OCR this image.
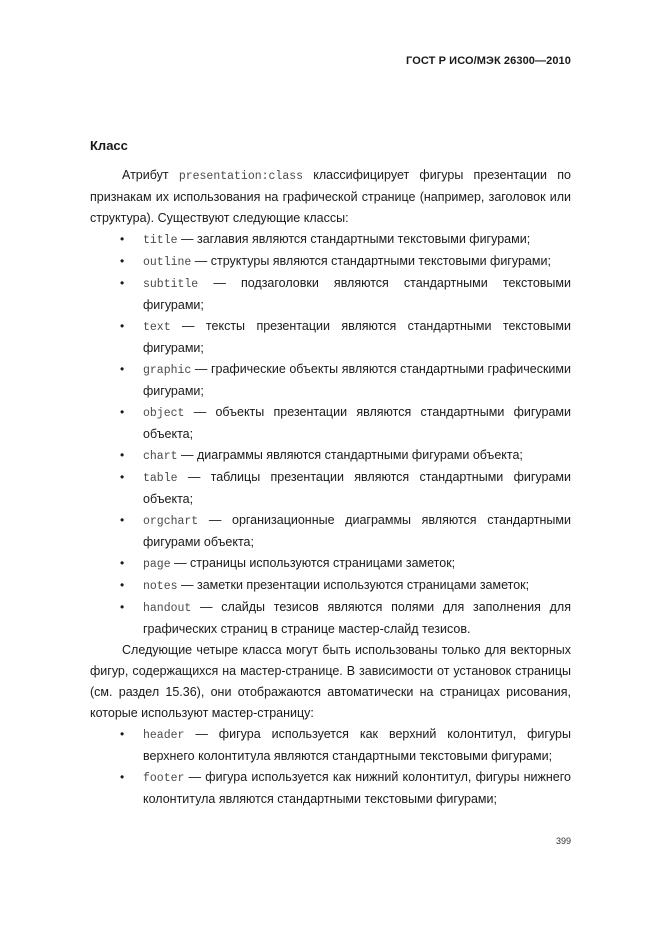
ГОСТ Р ИСО/МЭК 26300—2010
Класс

Атрибут presentation:class классифицирует фигуры презентации по признакам их использования на графической странице (например, заголовок или структура). Существуют следующие классы:

• title — заглавия являются стандартными текстовыми фигурами;
• outline — структуры являются стандартными текстовыми фигурами;
• subtitle — подзаголовки являются стандартными текстовыми фигурами;
• text — тексты презентации являются стандартными текстовыми фигурами;
• graphic — графические объекты являются стандартными графическими фигурами;
• object — объекты презентации являются стандартными фигурами объекта;
• chart — диаграммы являются стандартными фигурами объекта;
• table — таблицы презентации являются стандартными фигурами объекта;
• orgchart — организационные диаграммы являются стандартными фигурами объекта;
• page — страницы используются страницами заметок;
• notes — заметки презентации используются страницами заметок;
• handout — слайды тезисов являются полями для заполнения для графических страниц в странице мастер-слайд тезисов.

Следующие четыре класса могут быть использованы только для векторных фигур, содержащихся на мастер-странице. В зависимости от установок страницы (см. раздел 15.36), они отображаются автоматически на страницах рисования, которые используют мастер-страницу:

• header — фигура используется как верхний колонтитул, фигуры верхнего колонтитула являются стандартными текстовыми фигурами;
• footer — фигура используется как нижний колонтитул, фигуры нижнего колонтитула являются стандартными текстовыми фигурами;
399
